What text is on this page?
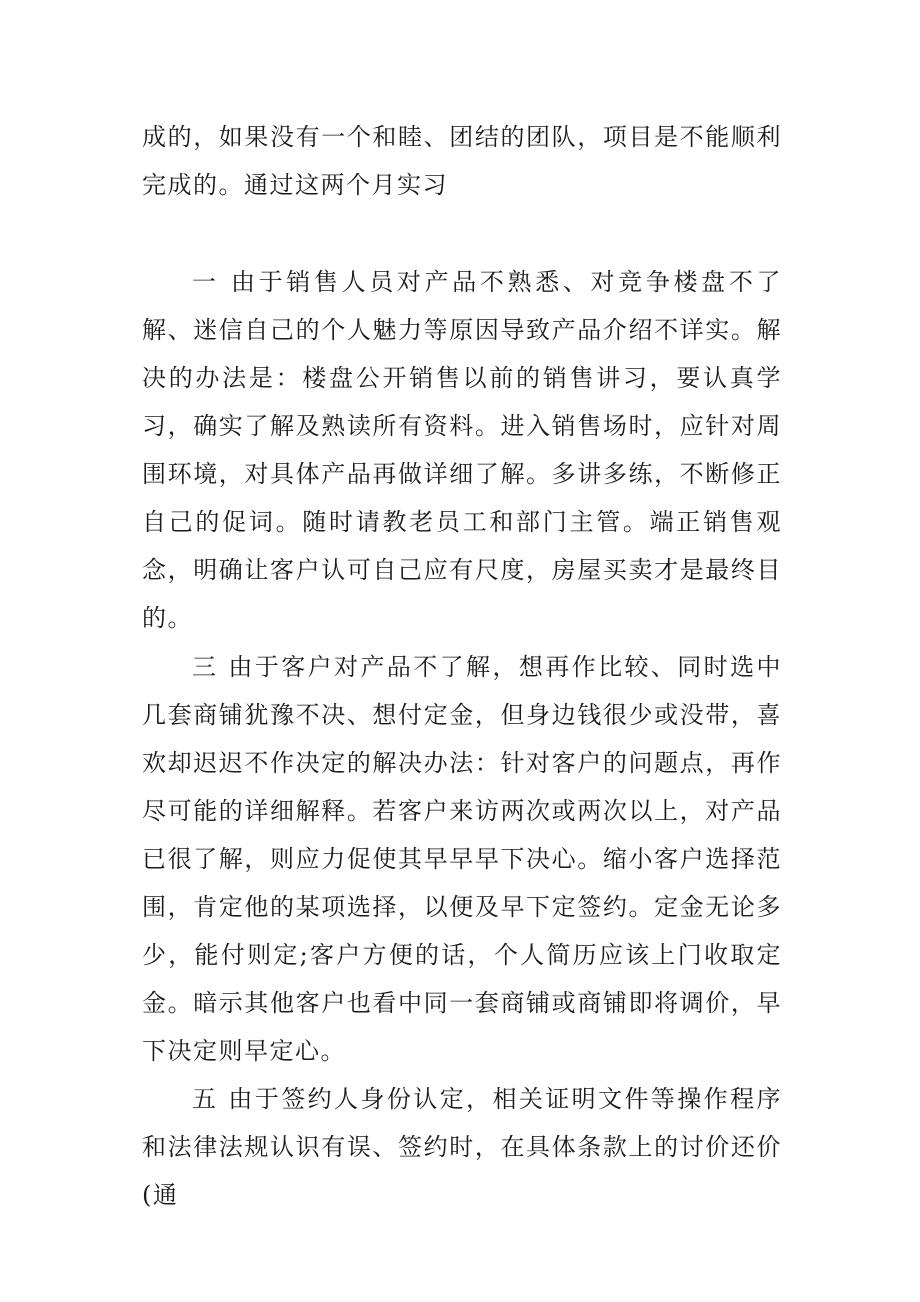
成的，如果没有一个和睦、团结的团队，项目是不能顺利完成的。通过这两个月实习

一 由于销售人员对产品不熟悉、对竞争楼盘不了解、迷信自己的个人魅力等原因导致产品介绍不详实。解决的办法是：楼盘公开销售以前的销售讲习，要认真学习，确实了解及熟读所有资料。进入销售场时，应针对周围环境，对具体产品再做详细了解。多讲多练，不断修正自己的促词。随时请教老员工和部门主管。端正销售观念，明确让客户认可自己应有尺度，房屋买卖才是最终目的。

三 由于客户对产品不了解，想再作比较、同时选中几套商铺犹豫不决、想付定金，但身边钱很少或没带，喜欢却迟迟不作决定的解决办法：针对客户的问题点，再作尽可能的详细解释。若客户来访两次或两次以上，对产品已很了解，则应力促使其早早早下决心。缩小客户选择范围，肯定他的某项选择，以便及早下定签约。定金无论多少，能付则定;客户方便的话，个人简历应该上门收取定金。暗示其他客户也看中同一套商铺或商铺即将调价，早下决定则早定心。

五 由于签约人身份认定，相关证明文件等操作程序和法律法规认识有误、签约时，在具体条款上的讨价还价(通
